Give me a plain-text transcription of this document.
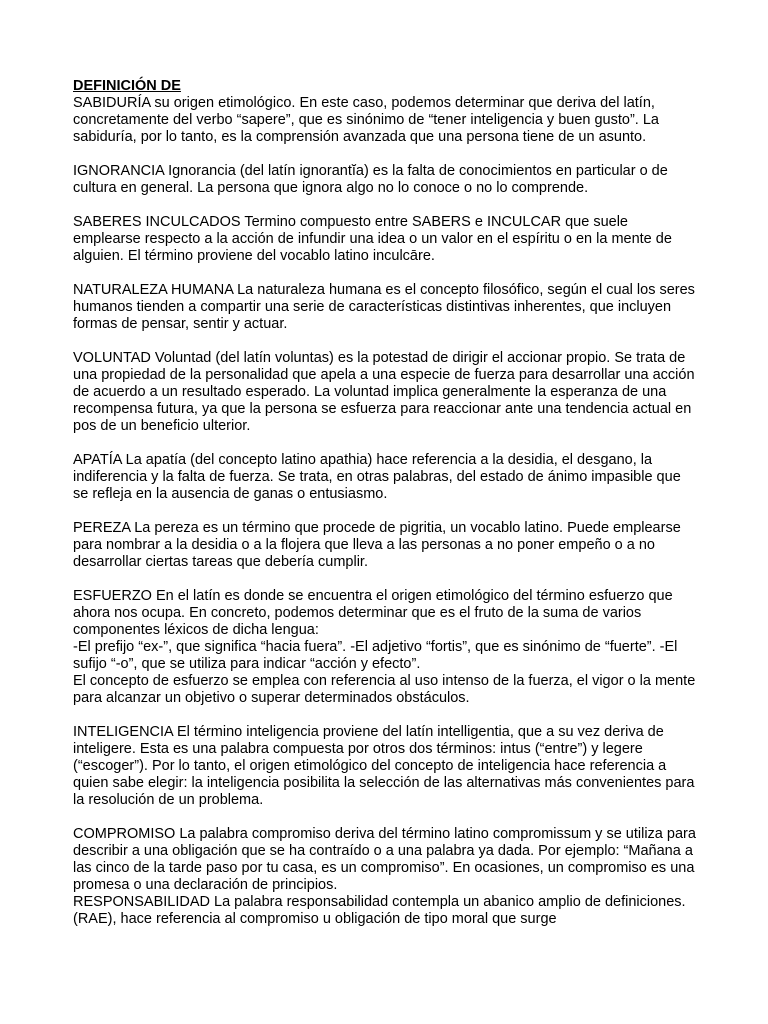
DEFINICIÓN DE

SABIDURÍA su origen etimológico. En este caso, podemos determinar que deriva del latín, concretamente del verbo “sapere”, que es sinónimo de “tener inteligencia y buen gusto”. La sabiduría, por lo tanto, es la comprensión avanzada que una persona tiene de un asunto.

IGNORANCIA Ignorancia (del latín ignorantĭa) es la falta de conocimientos en particular o de cultura en general. La persona que ignora algo no lo conoce o no lo comprende.

SABERES INCULCADOS Termino compuesto entre SABERS e INCULCAR que suele emplearse respecto a la acción de infundir una idea o un valor en el espíritu o en la mente de alguien. El término proviene del vocablo latino inculcāre.

NATURALEZA HUMANA La naturaleza humana es el concepto filosófico, según el cual los seres humanos tienden a compartir una serie de características distintivas inherentes, que incluyen formas de pensar, sentir y actuar.

VOLUNTAD Voluntad (del latín voluntas) es la potestad de dirigir el accionar propio. Se trata de una propiedad de la personalidad que apela a una especie de fuerza para desarrollar una acción de acuerdo a un resultado esperado. La voluntad implica generalmente la esperanza de una recompensa futura, ya que la persona se esfuerza para reaccionar ante una tendencia actual en pos de un beneficio ulterior.

APATÍA La apatía (del concepto latino apathia) hace referencia a la desidia, el desgano, la indiferencia y la falta de fuerza. Se trata, en otras palabras, del estado de ánimo impasible que se refleja en la ausencia de ganas o entusiasmo.

PEREZA La pereza es un término que procede de pigritia, un vocablo latino. Puede emplearse para nombrar a la desidia o a la flojera que lleva a las personas a no poner empeño o a no desarrollar ciertas tareas que debería cumplir.

ESFUERZO En el latín es donde se encuentra el origen etimológico del término esfuerzo que ahora nos ocupa. En concreto, podemos determinar que es el fruto de la suma de varios componentes léxicos de dicha lengua:

-El prefijo “ex-”, que significa “hacia fuera”. -El adjetivo “fortis”, que es sinónimo de “fuerte”. -El sufijo “-o”, que se utiliza para indicar “acción y efecto”.

El concepto de esfuerzo se emplea con referencia al uso intenso de la fuerza, el vigor o la mente para alcanzar un objetivo o superar determinados obstáculos.

INTELIGENCIA El término inteligencia proviene del latín intelligentia, que a su vez deriva de inteligere. Esta es una palabra compuesta por otros dos términos: intus (“entre”) y legere (“escoger”). Por lo tanto, el origen etimológico del concepto de inteligencia hace referencia a quien sabe elegir: la inteligencia posibilita la selección de las alternativas más convenientes para la resolución de un problema.

COMPROMISO La palabra compromiso deriva del término latino compromissum y se utiliza para describir a una obligación que se ha contraído o a una palabra ya dada. Por ejemplo: “Mañana a las cinco de la tarde paso por tu casa, es un compromiso”. En ocasiones, un compromiso es una promesa o una declaración de principios.

RESPONSABILIDAD La palabra responsabilidad contempla un abanico amplio de definiciones. (RAE), hace referencia al compromiso u obligación de tipo moral que surge
